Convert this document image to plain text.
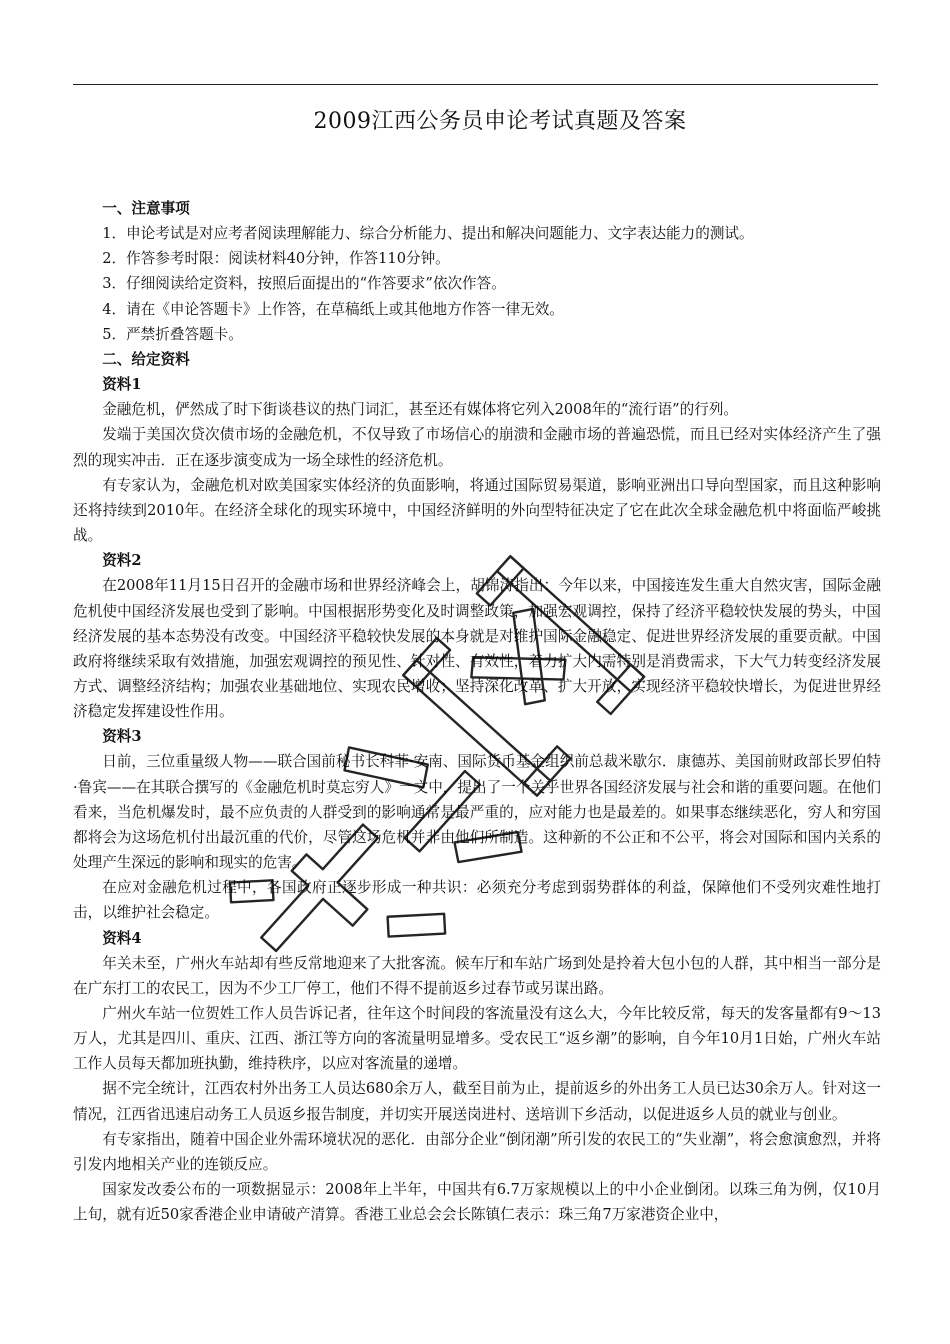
2009江西公务员申论考试真题及答案

一、注意事项

1．申论考试是对应考者阅读理解能力、综合分析能力、提出和解决问题能力、文字表达能力的测试。

2．作答参考时限：阅读材料40分钟，作答110分钟。

3．仔细阅读给定资料，按照后面提出的“作答要求”依次作答。

4．请在《申论答题卡》上作答，在草稿纸上或其他地方作答一律无效。

5．严禁折叠答题卡。

二、给定资料

资料1

金融危机，俨然成了时下街谈巷议的热门词汇，甚至还有媒体将它列入2008年的“流行语”的行列。

发端于美国次贷次债市场的金融危机，不仅导致了市场信心的崩溃和金融市场的普遍恐慌，而且已经对实体经济产生了强烈的现实冲击．正在逐步演变成为一场全球性的经济危机。

有专家认为，金融危机对欧美国家实体经济的负面影响，将通过国际贸易渠道，影响亚洲出口导向型国家，而且这种影响还将持续到2010年。在经济全球化的现实环境中，中国经济鲜明的外向型特征决定了它在此次全球金融危机中将面临严峻挑战。

资料2

在2008年11月15日召开的金融市场和世界经济峰会上，胡锦涛指出：今年以来，中国接连发生重大自然灾害，国际金融危机使中国经济发展也受到了影响。中国根据形势变化及时调整政策，加强宏观调控，保持了经济平稳较快发展的势头，中国经济发展的基本态势没有改变。中国经济平稳较快发展的本身就是对维护国际金融稳定、促进世界经济发展的重要贡献。中国政府将继续采取有效措施，加强宏观调控的预见性、针对性、有效性，着力扩大内需特别是消费需求，下大气力转变经济发展方式、调整经济结构；加强农业基础地位、实现农民增收；坚持深化改革、扩大开放，实现经济平稳较快增长，为促进世界经济稳定发挥建设性作用。

资料3

日前，三位重量级人物——联合国前秘书长科菲·安南、国际货币基金组织前总裁米歇尔．康德苏、美国前财政部长罗伯特·鲁宾——在其联合撰写的《金融危机时莫忘穷人》一文中，提出了一个关乎世界各国经济发展与社会和谐的重要问题。在他们看来，当危机爆发时，最不应负责的人群受到的影响通常是最严重的，应对能力也是最差的。如果事态继续恶化，穷人和穷国都将会为这场危机付出最沉重的代价，尽管这场危机并非由他们所制造。这种新的不公正和不公平，将会对国际和国内关系的处理产生深远的影响和现实的危害。

在应对金融危机过程中，各国政府正逐步形成一种共识：必须充分考虑到弱势群体的利益，保障他们不受列灾难性地打击，以维护社会稳定。

资料4

年关未至，广州火车站却有些反常地迎来了大批客流。候车厅和车站广场到处是拎着大包小包的人群，其中相当一部分是在广东打工的农民工，因为不少工厂停工，他们不得不提前返乡过春节或另谋出路。

广州火车站一位贺姓工作人员告诉记者，往年这个时间段的客流量没有这么大，今年比较反常，每天的发客量都有9～13万人，尤其是四川、重庆、江西、浙江等方向的客流量明显增多。受农民工“返乡潮”的影响，自今年10月1日始，广州火车站工作人员每天都加班执勤，维持秩序，以应对客流量的递增。

据不完全统计，江西农村外出务工人员达680余万人，截至目前为止，提前返乡的外出务工人员已达30余万人。针对这一情况，江西省迅速启动务工人员返乡报告制度，并切实开展送岗进村、送培训下乡活动，以促进返乡人员的就业与创业。

有专家指出，随着中国企业外需环境状况的恶化．由部分企业“倒闭潮”所引发的农民工的“失业潮”，将会愈演愈烈，并将引发内地相关产业的连锁反应。

国家发改委公布的一项数据显示：2008年上半年，中国共有6.7万家规模以上的中小企业倒闭。以珠三角为例，仅10月上旬，就有近50家香港企业申请破产清算。香港工业总会会长陈镇仁表示：珠三角7万家港资企业中，
